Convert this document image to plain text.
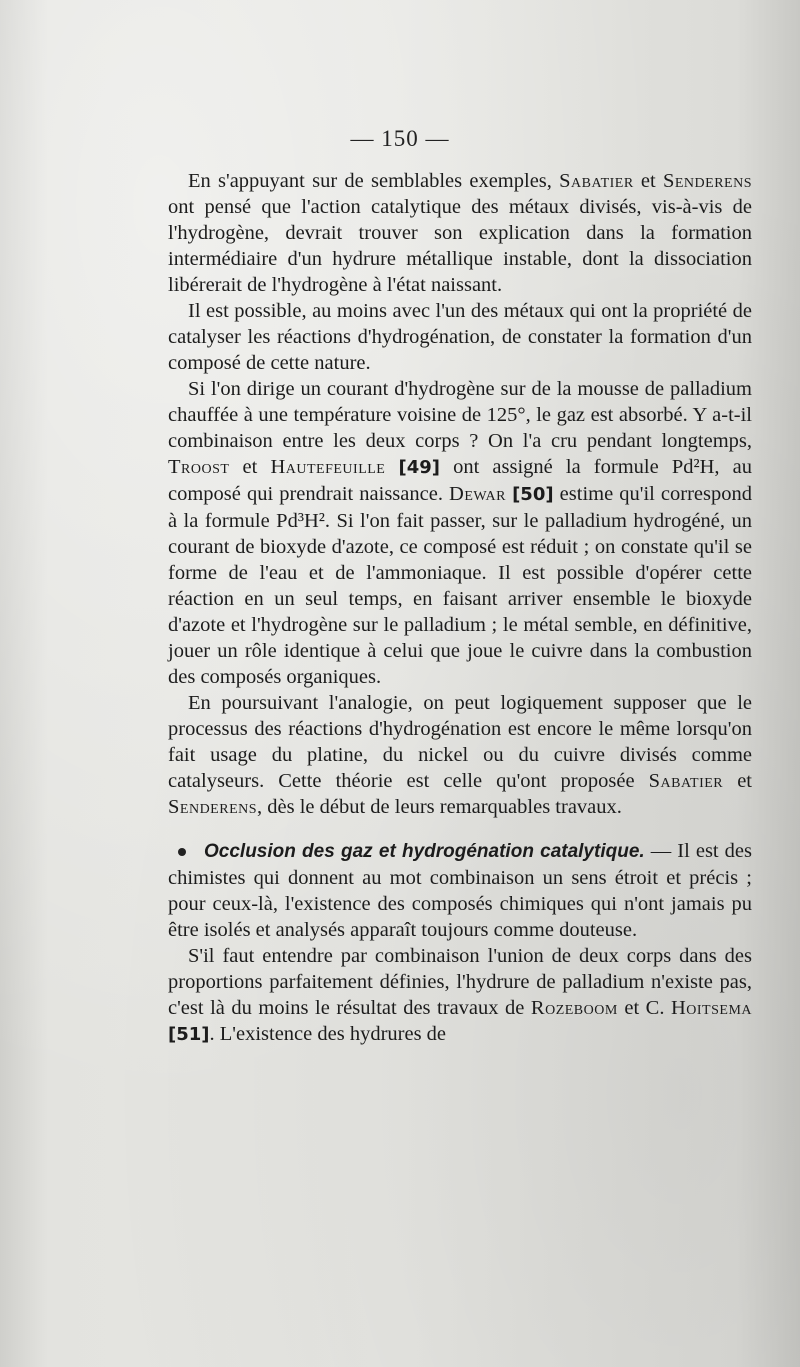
— 150 —

En s'appuyant sur de semblables exemples, Sabatier et Senderens ont pensé que l'action catalytique des métaux divisés, vis-à-vis de l'hydrogène, devrait trouver son explication dans la formation intermédiaire d'un hydrure métallique instable, dont la dissociation libérerait de l'hydrogène à l'état naissant.

Il est possible, au moins avec l'un des métaux qui ont la propriété de catalyser les réactions d'hydrogénation, de constater la formation d'un composé de cette nature.

Si l'on dirige un courant d'hydrogène sur de la mousse de palladium chauffée à une température voisine de 125°, le gaz est absorbé. Y a-t-il combinaison entre les deux corps ? On l'a cru pendant longtemps, Troost et Hautefeuille [49] ont assigné la formule Pd²H, au composé qui prendrait naissance. Dewar [50] estime qu'il correspond à la formule Pd³H². Si l'on fait passer, sur le palladium hydrogéné, un courant de bioxyde d'azote, ce composé est réduit ; on constate qu'il se forme de l'eau et de l'ammoniaque. Il est possible d'opérer cette réaction en un seul temps, en faisant arriver ensemble le bioxyde d'azote et l'hydrogène sur le palladium ; le métal semble, en définitive, jouer un rôle identique à celui que joue le cuivre dans la combustion des composés organiques.

En poursuivant l'analogie, on peut logiquement supposer que le processus des réactions d'hydrogénation est encore le même lorsqu'on fait usage du platine, du nickel ou du cuivre divisés comme catalyseurs. Cette théorie est celle qu'ont proposée Sabatier et Senderens, dès le début de leurs remarquables travaux.

Occlusion des gaz et hydrogénation catalytique. — Il est des chimistes qui donnent au mot combinaison un sens étroit et précis ; pour ceux-là, l'existence des composés chimiques qui n'ont jamais pu être isolés et analysés apparaît toujours comme douteuse.

S'il faut entendre par combinaison l'union de deux corps dans des proportions parfaitement définies, l'hydrure de palladium n'existe pas, c'est là du moins le résultat des travaux de Rozeboom et C. Hoitsema [51]. L'existence des hydrures de
